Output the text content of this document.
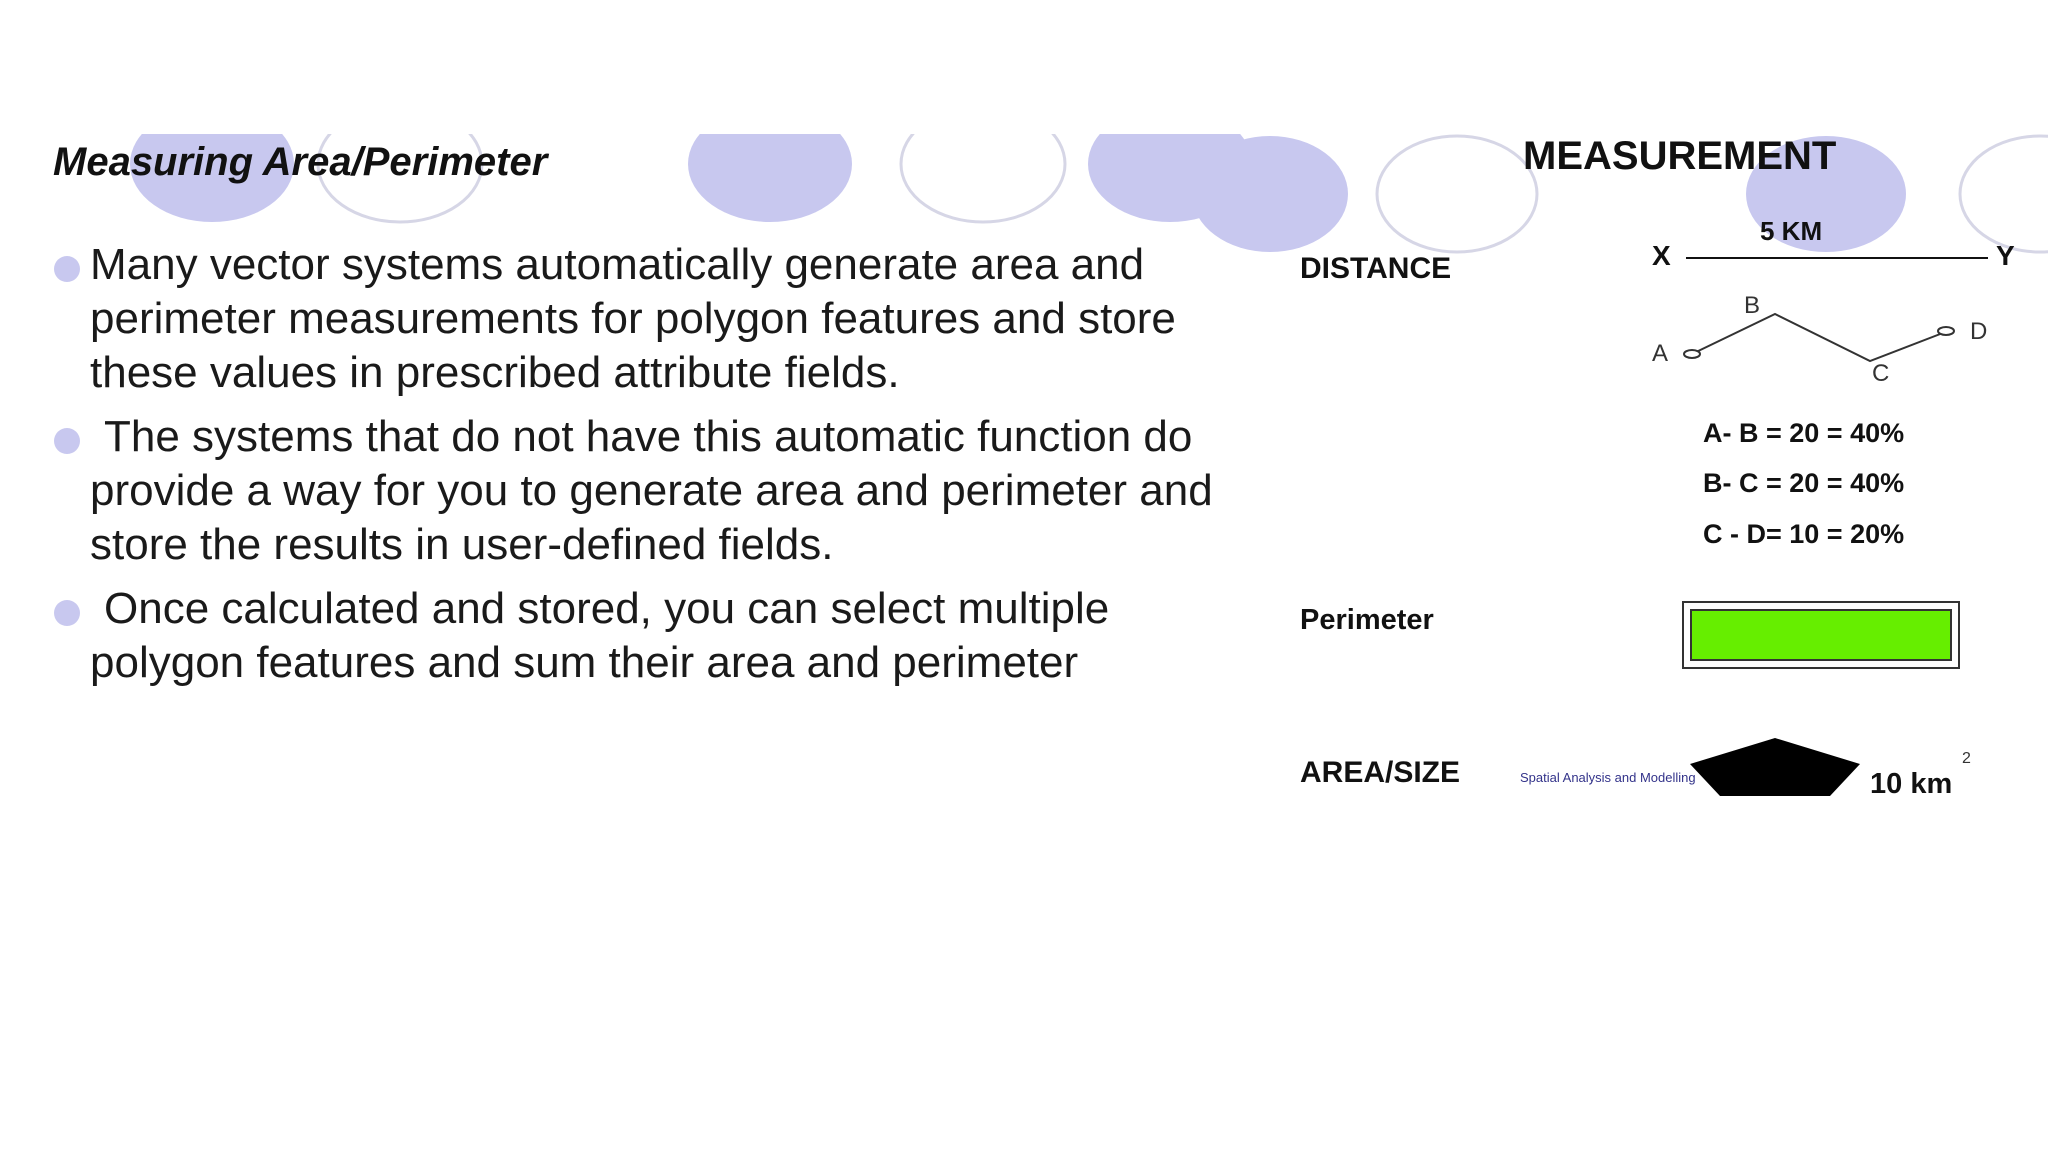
Measuring Area/Perimeter
Many vector systems automatically generate area and perimeter measurements for polygon features and store these values in prescribed attribute fields.
The systems that do not have this automatic function do provide a way for you to generate area and perimeter and store the results in user-defined fields.
Once calculated and stored, you can select multiple polygon features and sum their area and perimeter
MEASUREMENT
DISTANCE
5 KM
X	Y
A
B
C
D
A- B = 20 = 40%
B- C = 20 = 40%
C - D= 10 = 20%
Perimeter
AREA/SIZE	Spatial Analysis and Modelling	10 km
2
